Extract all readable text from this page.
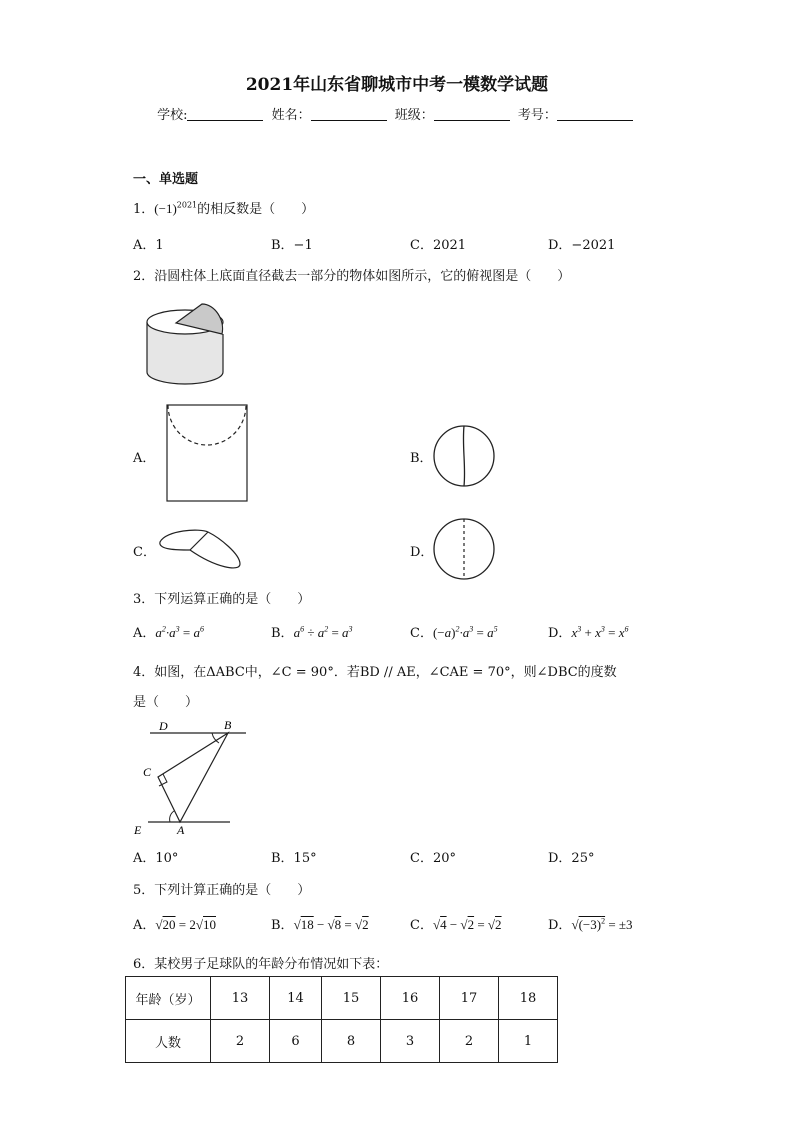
2021年山东省聊城市中考一模数学试题
学校:	姓名：	班级：	考号：
一、单选题
1．$(-1)^{2021}$的相反数是（　　）
A．1	B．−1	C．2021	D．−2021
2．沿圆柱体上底面直径截去一部分的物体如图所示，它的俯视图是（　　）
A．	B．
C．	D．
3．下列运算正确的是（　　）
A．$a^2\cdot a^3 = a^6$	B．$a^6 \div a^2 = a^3$	C．$(-a)^2\cdot a^3 = a^5$	D．$x^3 + x^3 = x^6$
4．如图，在ΔABC中，∠C = 90°．若BD // AE，∠CAE = 70°，则∠DBC的度数
是（　　）
D	B
C
E	A
A．10°	B．15°	C．20°	D．25°
5．下列计算正确的是（　　）
A．√20 = 2√10	B．√18 − √8 = √2	C．√4 − √2 = √2	D．$√(-3)^2 = \pm 3$
6．某校男子足球队的年龄分布情况如下表：
年龄（岁）	13	14	15	16	17	18
人数	2	6	8	3	2	1
